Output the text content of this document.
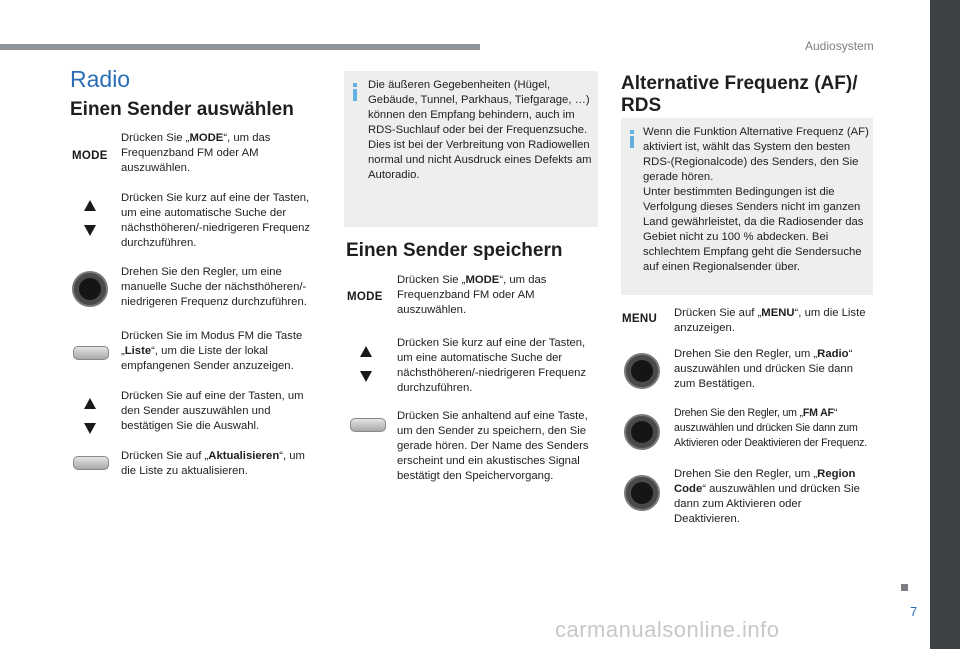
Audiosystem
7
carmanualsonline.info
Radio
Einen Sender auswählen
MODE
Drücken Sie „MODE“, um das Frequenzband FM oder AM auszuwählen.
Drücken Sie kurz auf eine der Tasten, um eine automatische Suche der nächsthöheren/-niedrigeren Frequenz durchzuführen.
Drehen Sie den Regler, um eine manuelle Suche der nächsthöheren/-niedrigeren Frequenz durchzuführen.
Drücken Sie im Modus FM die Taste „Liste“, um die Liste der lokal empfangenen Sender anzuzeigen.
Drücken Sie auf eine der Tasten, um den Sender auszuwählen und bestätigen Sie die Auswahl.
Drücken Sie auf „Aktualisieren“, um die Liste zu aktualisieren.
Die äußeren Gegebenheiten (Hügel, Gebäude, Tunnel, Parkhaus, Tiefgarage, …) können den Empfang behindern, auch im RDS-Suchlauf oder bei der Frequenzsuche. Dies ist bei der Verbreitung von Radiowellen normal und nicht Ausdruck eines Defekts am Autoradio.
Einen Sender speichern
MODE
Drücken Sie „MODE“, um das Frequenzband FM oder AM auszuwählen.
Drücken Sie kurz auf eine der Tasten, um eine automatische Suche der nächsthöheren/-niedrigeren Frequenz durchzuführen.
Drücken Sie anhaltend auf eine Taste, um den Sender zu speichern, den Sie gerade hören. Der Name des Senders erscheint und ein akustisches Signal bestätigt den Speichervorgang.
Alternative Frequenz (AF)/ RDS
Wenn die Funktion Alternative Frequenz (AF) aktiviert ist, wählt das System den besten RDS-(Regionalcode) des Senders, den Sie gerade hören.
Unter bestimmten Bedingungen ist die Verfolgung dieses Senders nicht im ganzen Land gewährleistet, da die Radiosender das Gebiet nicht zu 100 % abdecken. Bei schlechtem Empfang geht die Sendersuche auf einen Regionalsender über.
MENU Drücken Sie auf „MENU“, um die Liste anzuzeigen.
Drehen Sie den Regler, um „Radio“ auszuwählen und drücken Sie dann zum Bestätigen.
Drehen Sie den Regler, um „FM AF“ auszuwählen und drücken Sie dann zum Aktivieren oder Deaktivieren der Frequenz.
Drehen Sie den Regler, um „Region Code“ auszuwählen und drücken Sie dann zum Aktivieren oder Deaktivieren.
